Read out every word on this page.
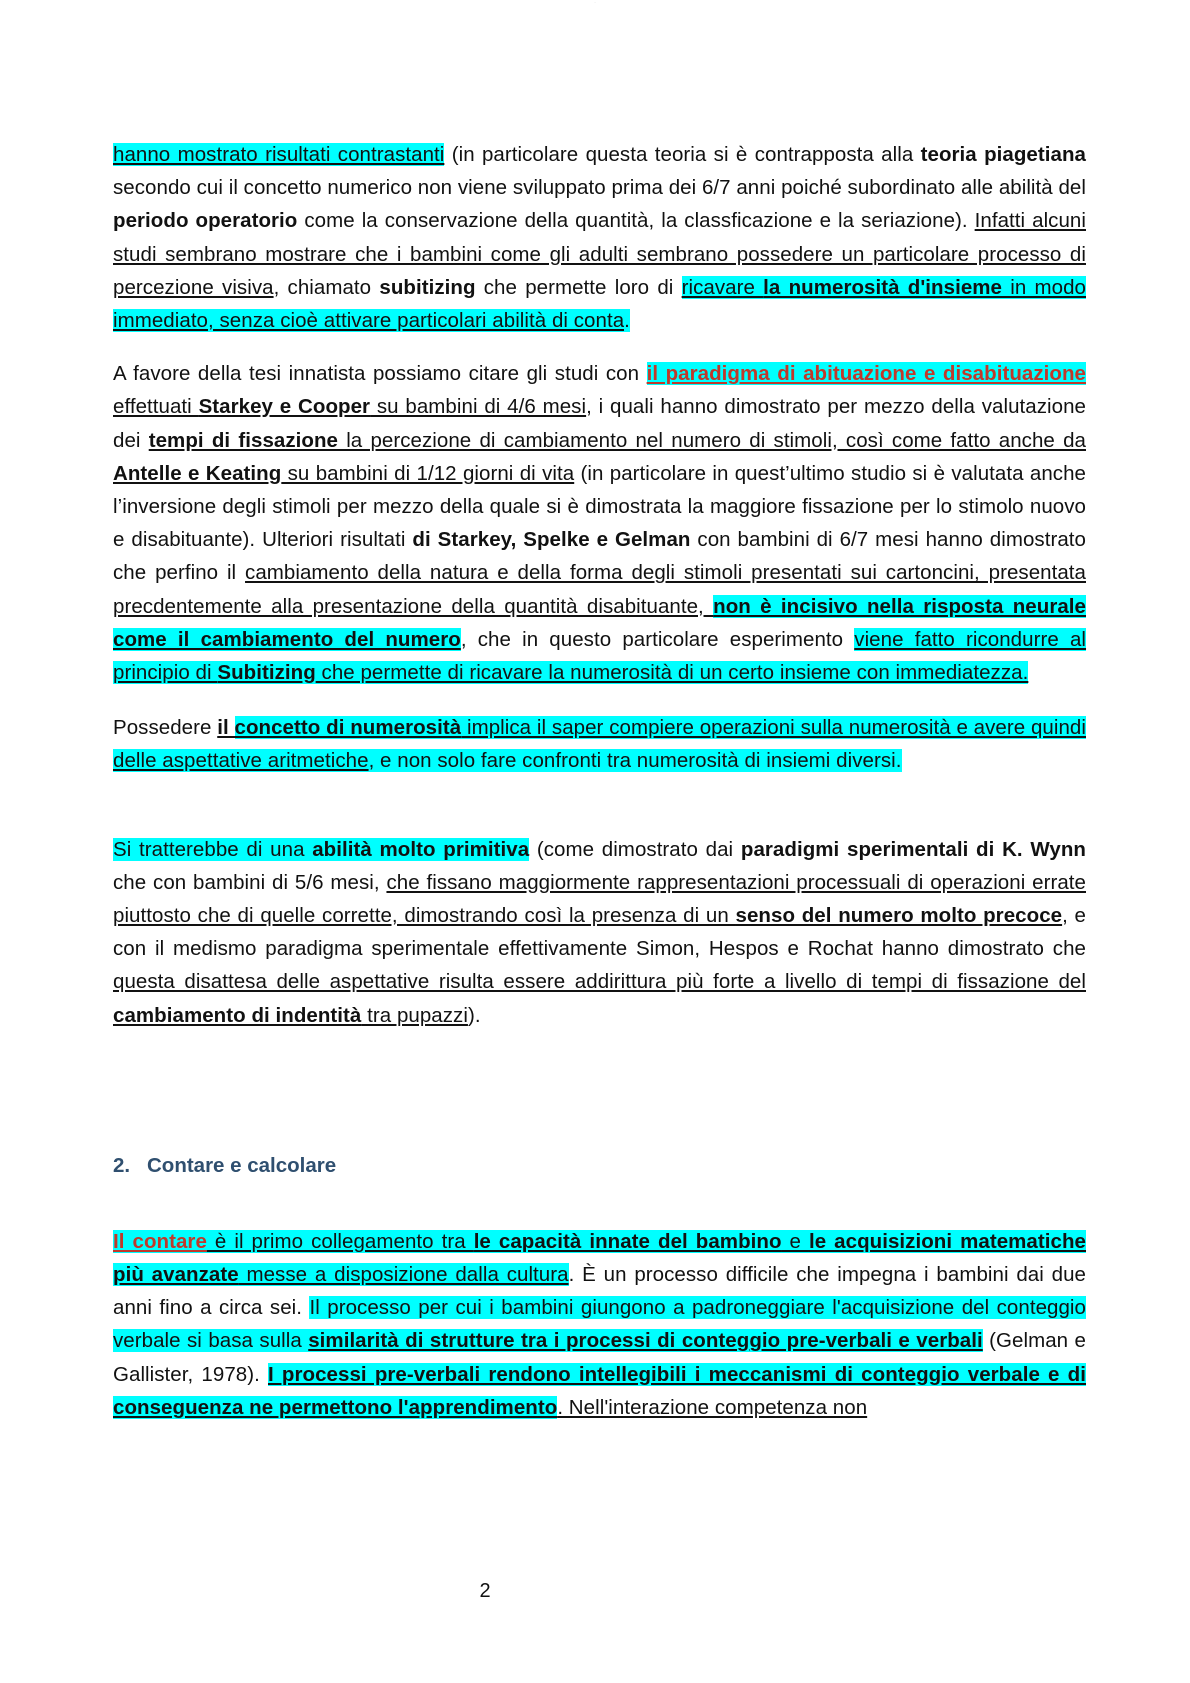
...

hanno mostrato risultati contrastanti (in particolare questa teoria si è contrapposta alla teoria piagetiana secondo cui il concetto numerico non viene sviluppato prima dei 6/7 anni poiché subordinato alle abilità del periodo operatorio come la conservazione della quantità, la classficazione e la seriazione). Infatti alcuni studi sembrano mostrare che i bambini come gli adulti sembrano possedere un particolare processo di percezione visiva, chiamato subitizing che permette loro di ricavare la numerosità d'insieme in modo immediato, senza cioè attivare particolari abilità di conta.

A favore della tesi innatista possiamo citare gli studi con il paradigma di abituazione e disabituazione effettuati Starkey e Cooper su bambini di 4/6 mesi, i quali hanno dimostrato per mezzo della valutazione dei tempi di fissazione la percezione di cambiamento nel numero di stimoli, così come fatto anche da Antelle e Keating su bambini di 1/12 giorni di vita (in particolare in quest’ultimo studio si è valutata anche l’inversione degli stimoli per mezzo della quale si è dimostrata la maggiore fissazione per lo stimolo nuovo e disabituante). Ulteriori risultati di Starkey, Spelke e Gelman con bambini di 6/7 mesi hanno dimostrato che perfino il cambiamento della natura e della forma degli stimoli presentati sui cartoncini, presentata precdentemente alla presentazione della quantità disabituante, non è incisivo nella risposta neurale come il cambiamento del numero, che in questo particolare esperimento viene fatto ricondurre al principio di Subitizing che permette di ricavare la numerosità di un certo insieme con immediatezza.

Possedere il concetto di numerosità implica il saper compiere operazioni sulla numerosità e avere quindi delle aspettative aritmetiche, e non solo fare confronti tra numerosità di insiemi diversi.

Si tratterebbe di una abilità molto primitiva (come dimostrato dai paradigmi sperimentali di K. Wynn che con bambini di 5/6 mesi, che fissano maggiormente rappresentazioni processuali di operazioni errate piuttosto che di quelle corrette, dimostrando così la presenza di un senso del numero molto precoce, e con il medismo paradigma sperimentale effettivamente Simon, Hespos e Rochat hanno dimostrato che questa disattesa delle aspettative risulta essere addirittura più forte a livello di tempi di fissazione del cambiamento di indentità tra pupazzi).

2. Contare e calcolare

Il contare è il primo collegamento tra le capacità innate del bambino e le acquisizioni matematiche più avanzate messe a disposizione dalla cultura. È un processo difficile che impegna i bambini dai due anni fino a circa sei. Il processo per cui i bambini giungono a padroneggiare l'acquisizione del conteggio verbale si basa sulla similarità di strutture tra i processi di conteggio pre-verbali e verbali (Gelman e Gallister, 1978). I processi pre-verbali rendono intellegibili i meccanismi di conteggio verbale e di conseguenza ne permettono l'apprendimento. Nell'interazione competenza non

2
